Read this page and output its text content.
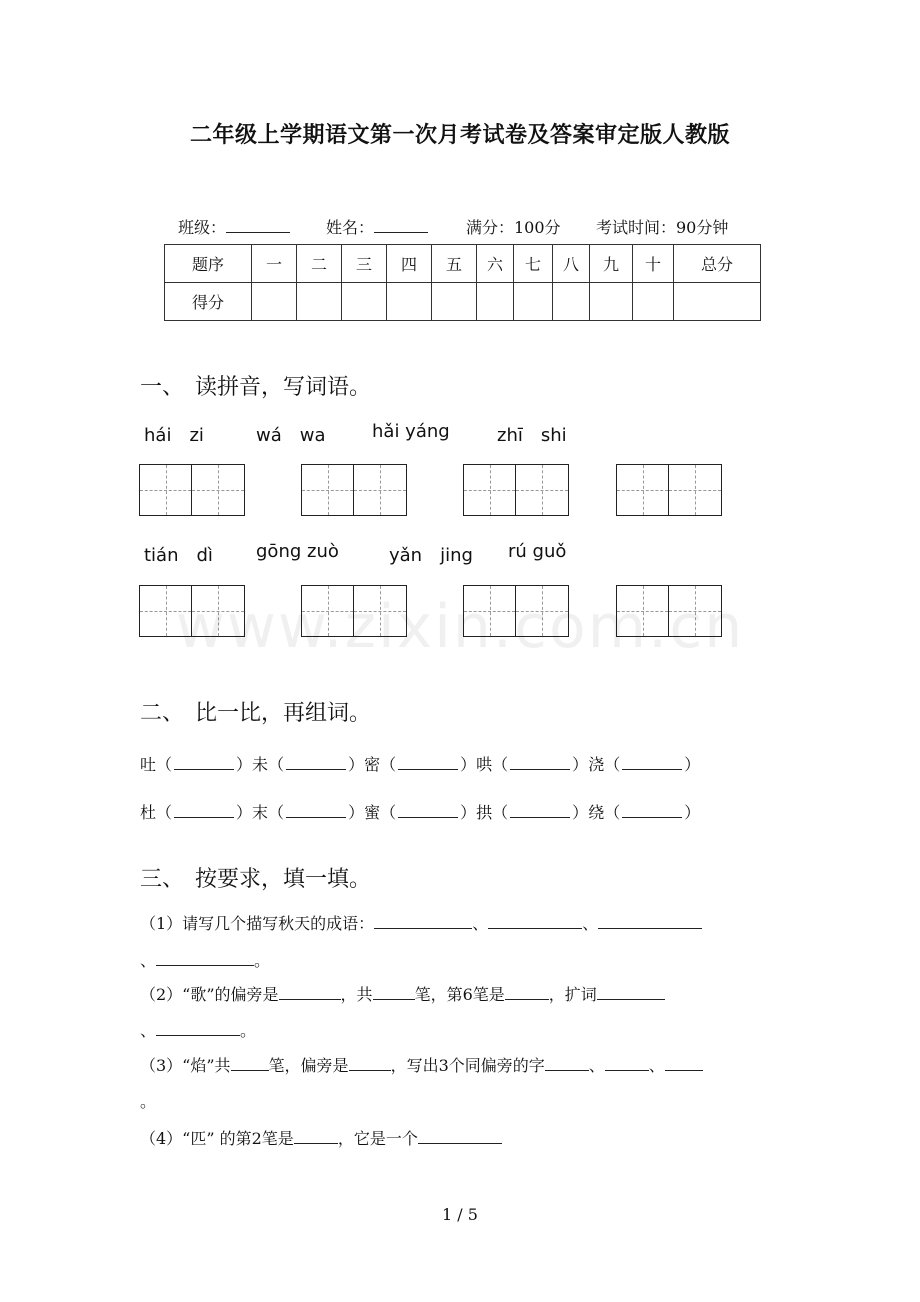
二年级上学期语文第一次月考试卷及答案审定版人教版
班级：	姓名：	满分：100分 考试时间：90分钟
题序	一	二	三	四	五	六	七	八	九	十	总分
得分											
一、　读拼音，写词语。
hái　zi	wá　wa	hǎi yáng	zhī　shi
tián　dì gōng zuò	yǎn　jing rú guǒ
www.zixin.com.cn
二、　比一比，再组词。
吐（	）未（	）密（	）哄（	）浇（	）
杜（	）末（	）蜜（	）拱（	）绕（	）
三、　按要求，填一填。
（1）请写几个描写秋天的成语：	、	、
、	。
（2）“歌”的偏旁是	，共	笔，第6笔是	，扩词
、	。
（3）“焰”共 笔，偏旁是	，写出3个同偏旁的字	、	、
。
（4）“匹” 的第2笔是	，它是一个
1 / 5
